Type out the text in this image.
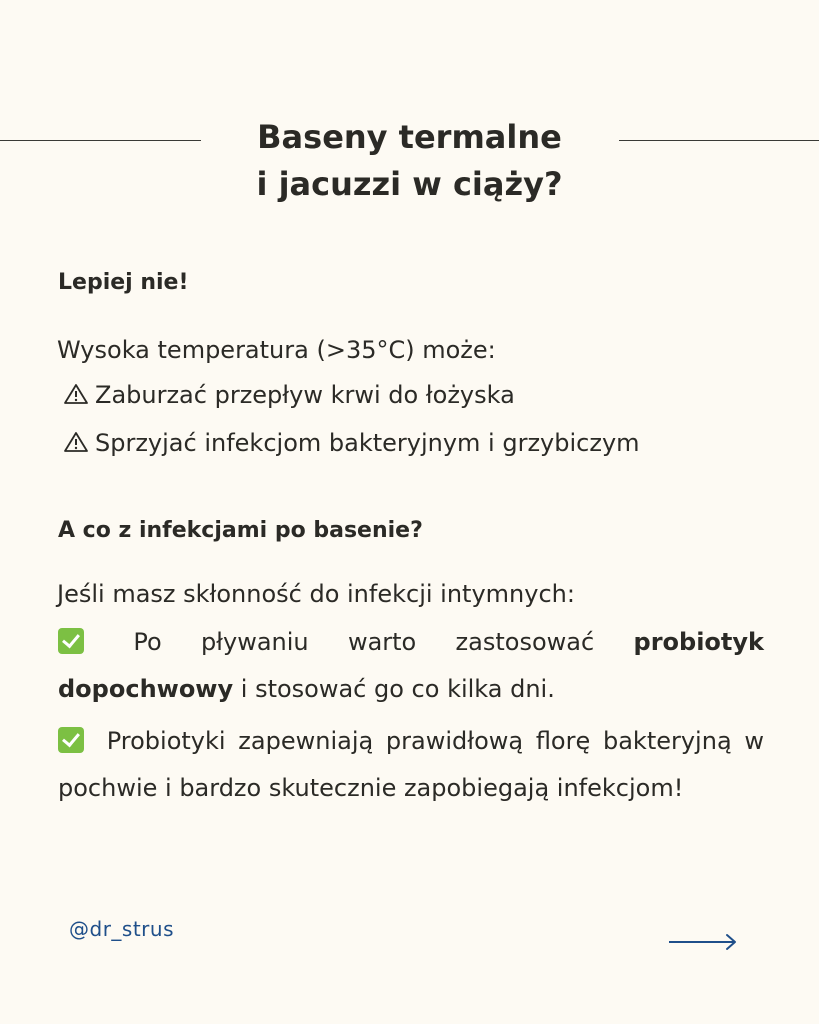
Baseny termalne
i jacuzzi w ciąży?
Lepiej nie!
Wysoka temperatura (>35°C) może:
Zaburzać przepływ krwi do łożyska
Sprzyjać infekcjom bakteryjnym i grzybiczym
A co z infekcjami po basenie?
Jeśli masz skłonność do infekcji intymnych:
Po pływaniu warto zastosować probiotyk dopochwowy i stosować go co kilka dni.
Probiotyki zapewniają prawidłową florę bakteryjną w pochwie i bardzo skutecznie zapobiegają infekcjom!
@dr_strus
